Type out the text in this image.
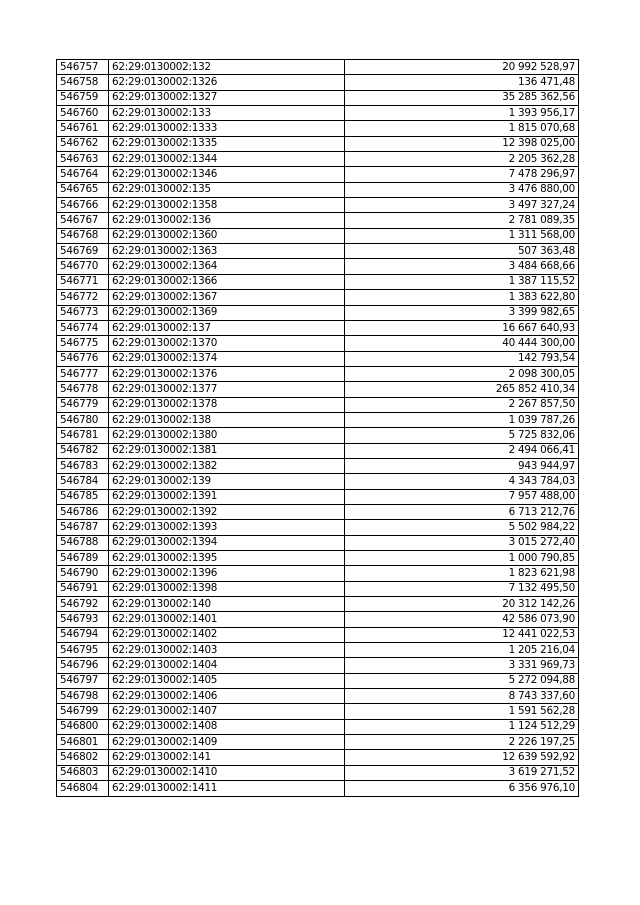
546757	62:29:0130002:132	20 992 528,97
546758	62:29:0130002:1326	136 471,48
546759	62:29:0130002:1327	35 285 362,56
546760	62:29:0130002:133	1 393 956,17
546761	62:29:0130002:1333	1 815 070,68
546762	62:29:0130002:1335	12 398 025,00
546763	62:29:0130002:1344	2 205 362,28
546764	62:29:0130002:1346	7 478 296,97
546765	62:29:0130002:135	3 476 880,00
546766	62:29:0130002:1358	3 497 327,24
546767	62:29:0130002:136	2 781 089,35
546768	62:29:0130002:1360	1 311 568,00
546769	62:29:0130002:1363	507 363,48
546770	62:29:0130002:1364	3 484 668,66
546771	62:29:0130002:1366	1 387 115,52
546772	62:29:0130002:1367	1 383 622,80
546773	62:29:0130002:1369	3 399 982,65
546774	62:29:0130002:137	16 667 640,93
546775	62:29:0130002:1370	40 444 300,00
546776	62:29:0130002:1374	142 793,54
546777	62:29:0130002:1376	2 098 300,05
546778	62:29:0130002:1377	265 852 410,34
546779	62:29:0130002:1378	2 267 857,50
546780	62:29:0130002:138	1 039 787,26
546781	62:29:0130002:1380	5 725 832,06
546782	62:29:0130002:1381	2 494 066,41
546783	62:29:0130002:1382	943 944,97
546784	62:29:0130002:139	4 343 784,03
546785	62:29:0130002:1391	7 957 488,00
546786	62:29:0130002:1392	6 713 212,76
546787	62:29:0130002:1393	5 502 984,22
546788	62:29:0130002:1394	3 015 272,40
546789	62:29:0130002:1395	1 000 790,85
546790	62:29:0130002:1396	1 823 621,98
546791	62:29:0130002:1398	7 132 495,50
546792	62:29:0130002:140	20 312 142,26
546793	62:29:0130002:1401	42 586 073,90
546794	62:29:0130002:1402	12 441 022,53
546795	62:29:0130002:1403	1 205 216,04
546796	62:29:0130002:1404	3 331 969,73
546797	62:29:0130002:1405	5 272 094,88
546798	62:29:0130002:1406	8 743 337,60
546799	62:29:0130002:1407	1 591 562,28
546800	62:29:0130002:1408	1 124 512,29
546801	62:29:0130002:1409	2 226 197,25
546802	62:29:0130002:141	12 639 592,92
546803	62:29:0130002:1410	3 619 271,52
546804	62:29:0130002:1411	6 356 976,10
